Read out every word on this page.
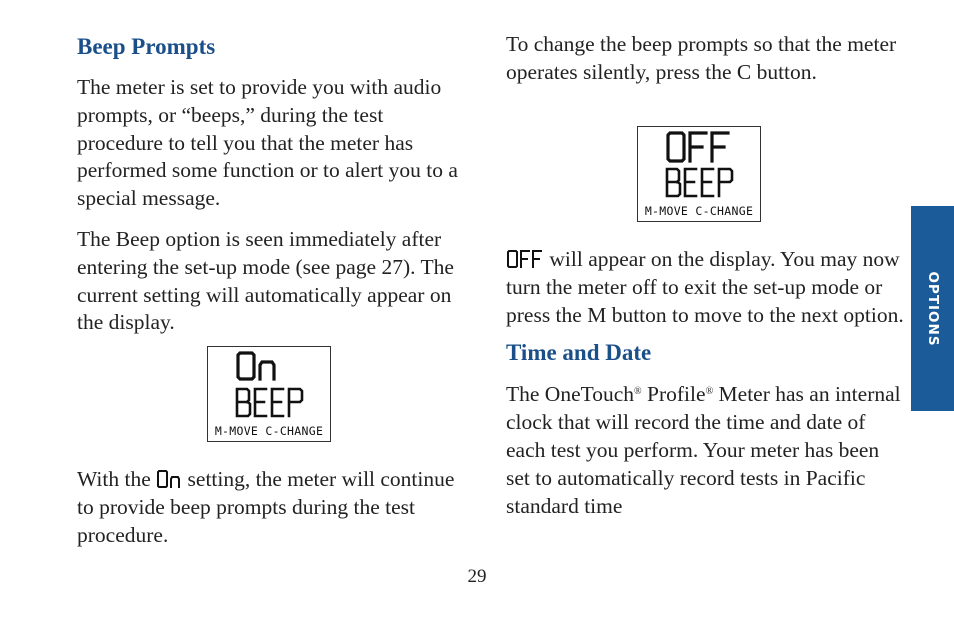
Beep Prompts

The meter is set to provide you with audio prompts, or “beeps,” during the test procedure to tell you that the meter has performed some function or to alert you to a special message.

The Beep option is seen immediately after entering the set-up mode (see page 27). The current setting will automatically appear on the display.

M-MOVE C-CHANGE

With the setting, the meter will continue to provide beep prompts during the test procedure.

To change the beep prompts so that the meter operates silently, press the C button.

M-MOVE C-CHANGE

will appear on the display. You may now turn the meter off to exit the set-up mode or press the M button to move to the next option.

Time and Date

The OneTouch® Profile® Meter has an internal clock that will record the time and date of each test you perform. Your meter has been set to automatically record tests in Pacific standard time

OPTIONS
29
